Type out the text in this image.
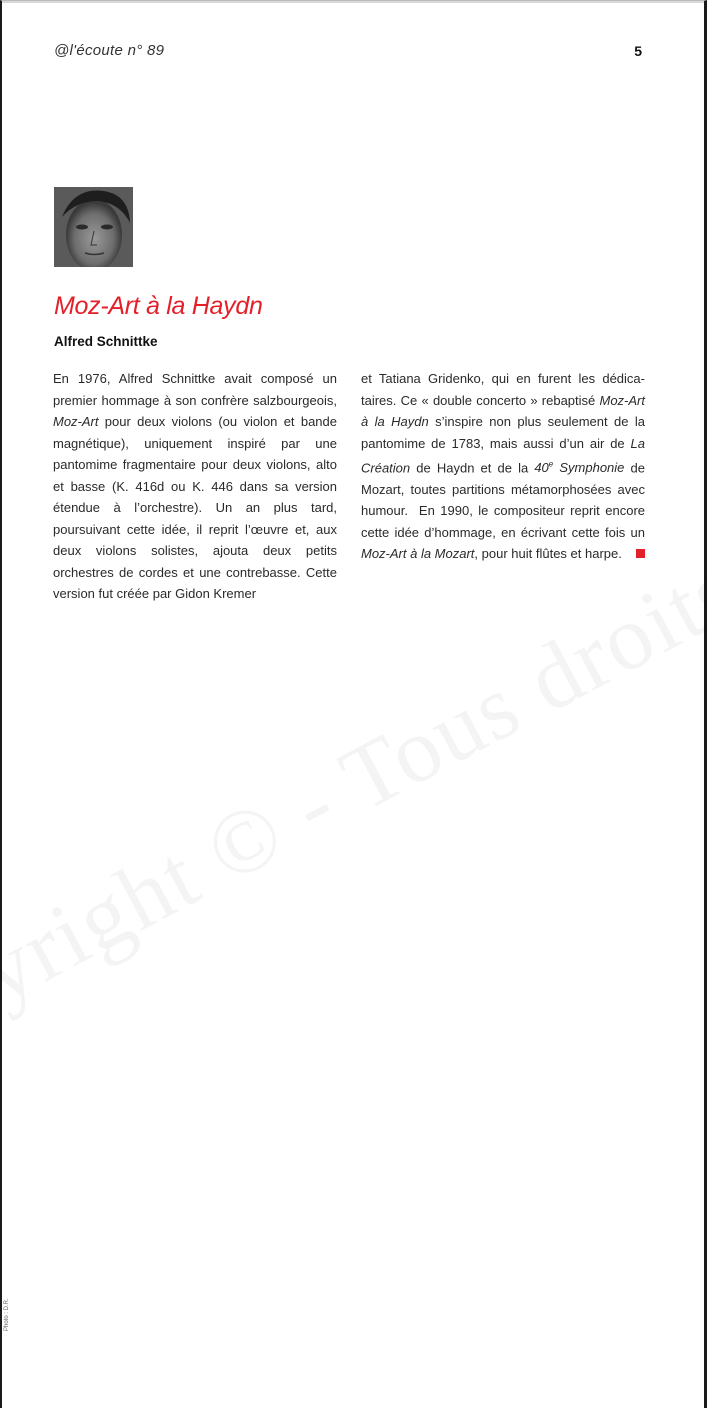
@l'écoute n° 89	5
Moz-Art à la Haydn
Alfred Schnittke

En 1976, Alfred Schnittke avait composé un premier hommage à son confrère salzbourgeois, Moz-Art pour deux violons (ou violon et bande magnétique), uniquement inspiré par une pantomime fragmentaire pour deux violons, alto et basse (K. 416d ou K. 446 dans sa version étendue à l’orchestre). Un an plus tard, poursuivant cette idée, il reprit l’œuvre et, aux deux violons solistes, ajouta deux petits orchestres de cordes et une contrebasse. Cette version fut créée par Gidon Kremer

et Tatiana Gridenko, qui en furent les dédicataires. Ce « double concerto » rebaptisé Moz-Art à la Haydn s’inspire non plus seulement de la pantomime de 1783, mais aussi d’un air de La Création de Haydn et de la 40e Symphonie de Mozart, toutes partitions métamorphosées avec humour.  En 1990, le compositeur reprit encore cette idée d’hommage, en écrivant cette fois un Moz-Art à la Mozart, pour huit flûtes et harpe.

Photo : D.R.
